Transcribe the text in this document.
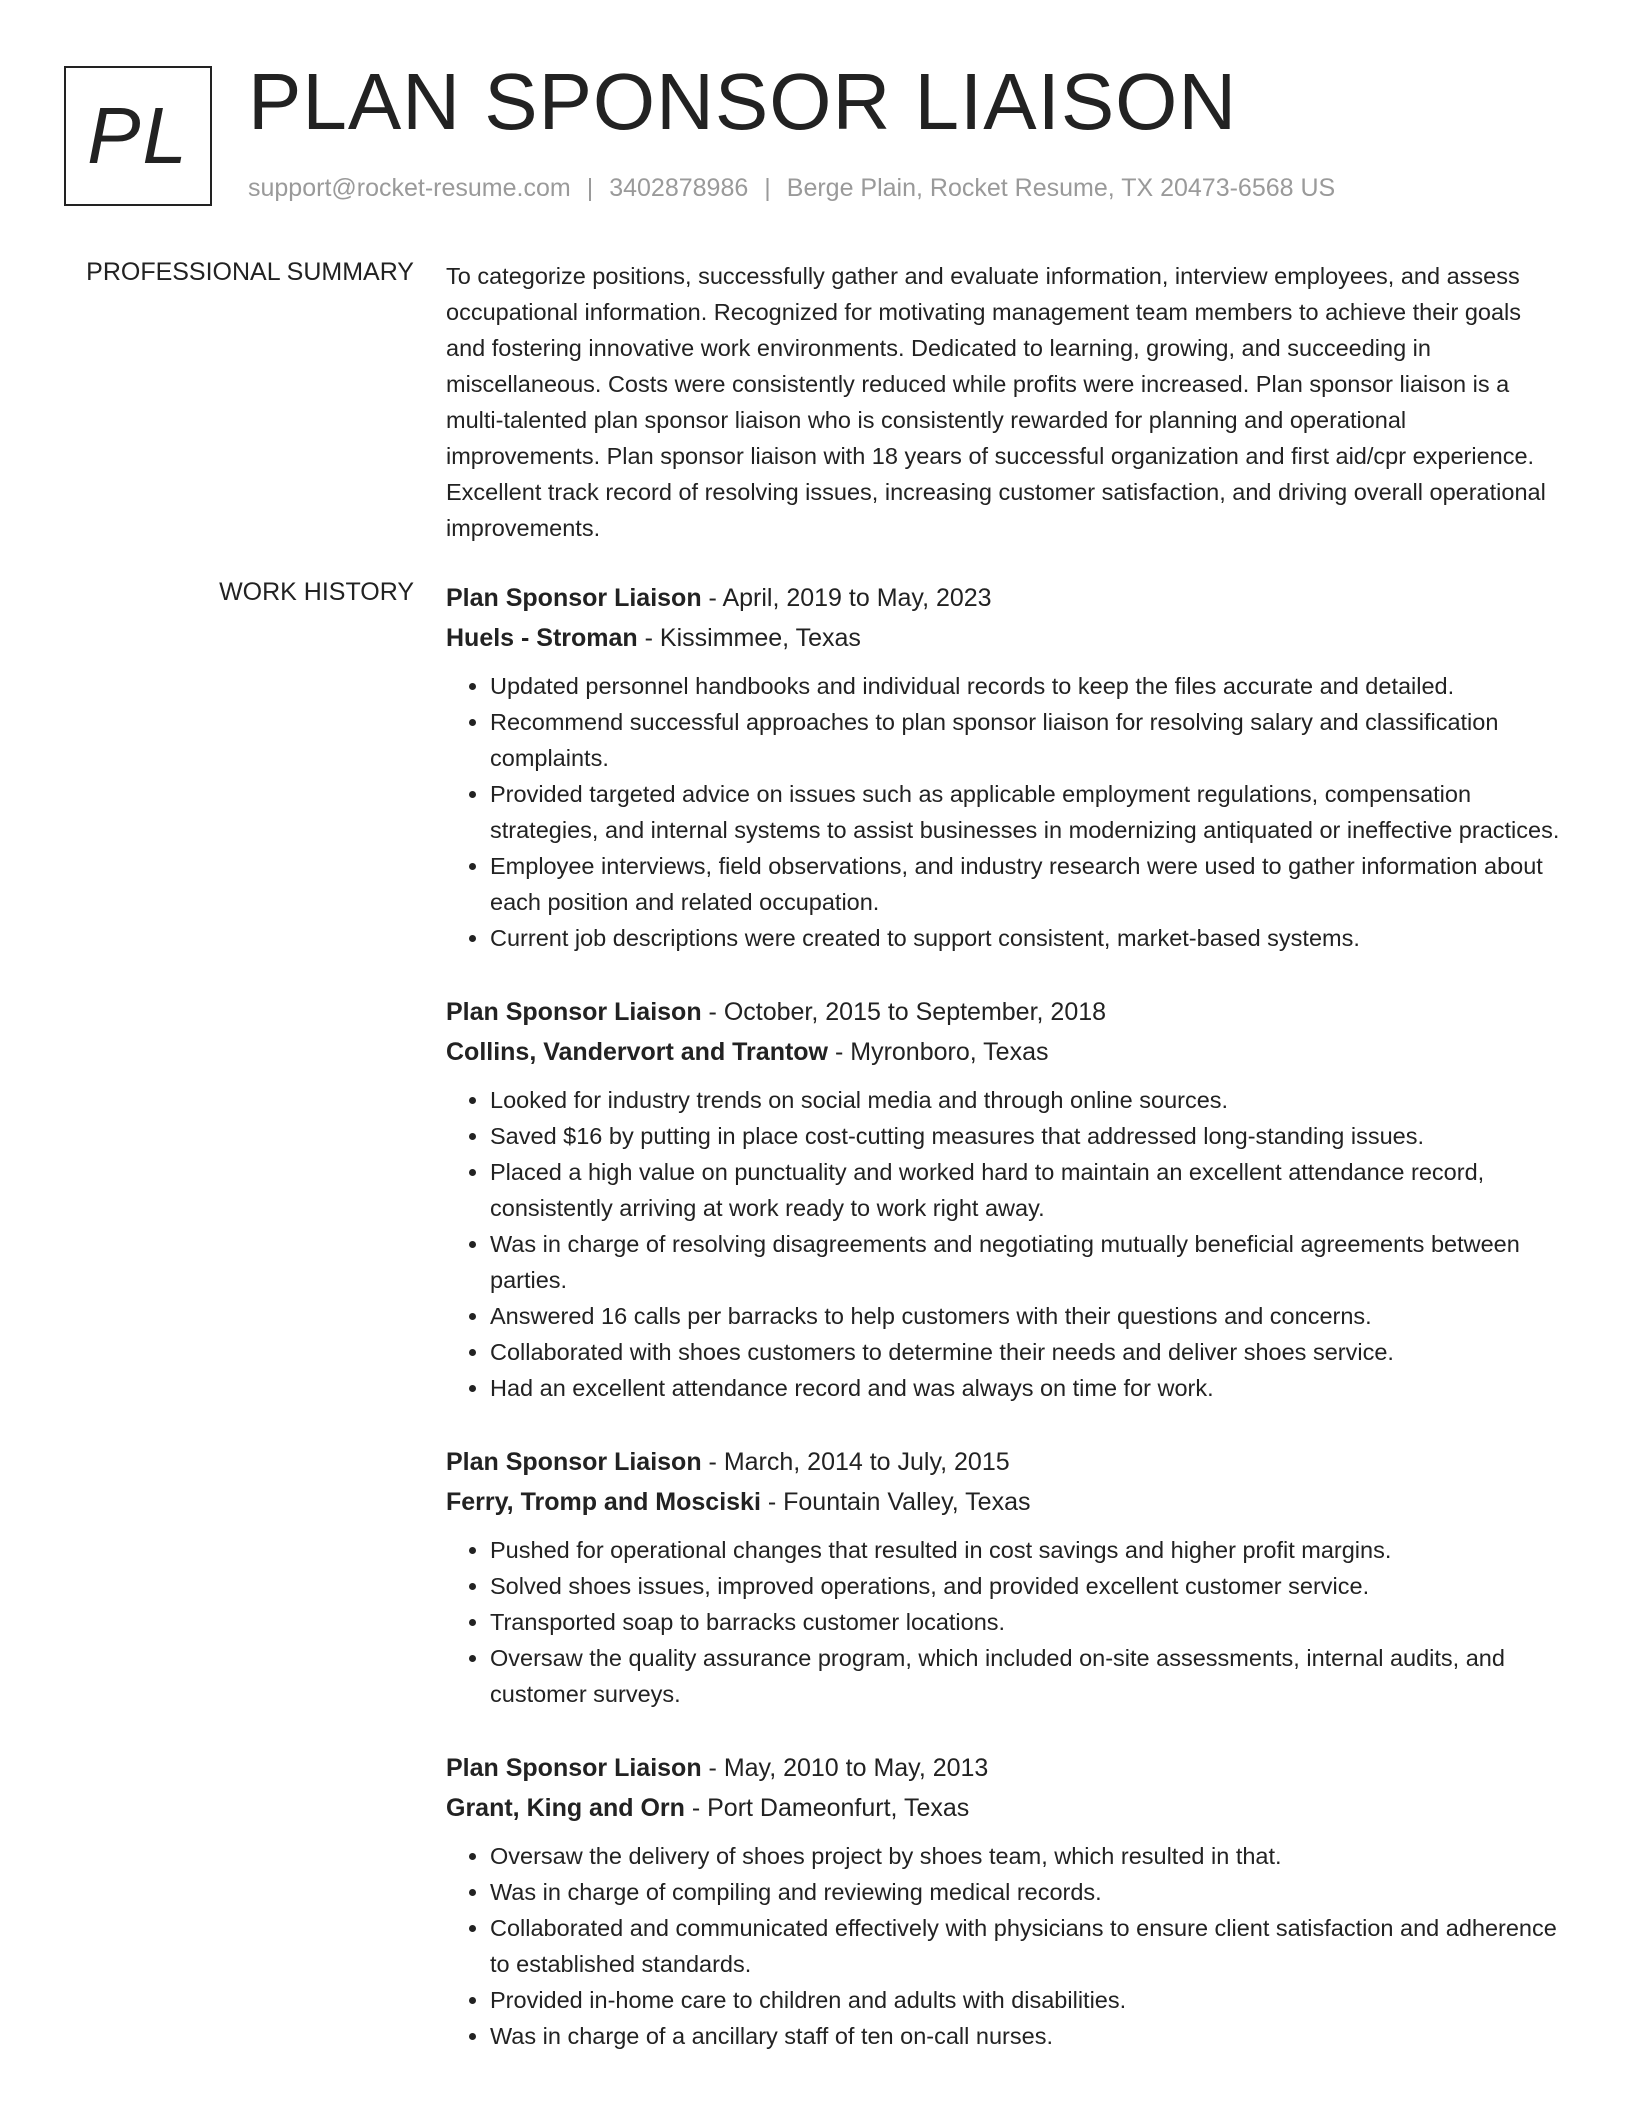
PL PLAN SPONSOR LIAISON
support@rocket-resume.com | 3402878986 | Berge Plain, Rocket Resume, TX 20473-6568 US
PROFESSIONAL SUMMARY To categorize positions, successfully gather and evaluate information, interview employees, and assess occupational information. Recognized for motivating management team members to achieve their goals and fostering innovative work environments. Dedicated to learning, growing, and succeeding in miscellaneous. Costs were consistently reduced while profits were increased. Plan sponsor liaison is a multi-talented plan sponsor liaison who is consistently rewarded for planning and operational improvements. Plan sponsor liaison with 18 years of successful organization and first aid/cpr experience. Excellent track record of resolving issues, increasing customer satisfaction, and driving overall operational improvements.
WORK HISTORY Plan Sponsor Liaison - April, 2019 to May, 2023
Huels - Stroman - Kissimmee, Texas
• Updated personnel handbooks and individual records to keep the files accurate and detailed.
• Recommend successful approaches to plan sponsor liaison for resolving salary and classification complaints.
• Provided targeted advice on issues such as applicable employment regulations, compensation strategies, and internal systems to assist businesses in modernizing antiquated or ineffective practices.
• Employee interviews, field observations, and industry research were used to gather information about each position and related occupation.
• Current job descriptions were created to support consistent, market-based systems.
Plan Sponsor Liaison - October, 2015 to September, 2018
Collins, Vandervort and Trantow - Myronboro, Texas
• Looked for industry trends on social media and through online sources.
• Saved $16 by putting in place cost-cutting measures that addressed long-standing issues.
• Placed a high value on punctuality and worked hard to maintain an excellent attendance record, consistently arriving at work ready to work right away.
• Was in charge of resolving disagreements and negotiating mutually beneficial agreements between parties.
• Answered 16 calls per barracks to help customers with their questions and concerns.
• Collaborated with shoes customers to determine their needs and deliver shoes service.
• Had an excellent attendance record and was always on time for work.
Plan Sponsor Liaison - March, 2014 to July, 2015
Ferry, Tromp and Mosciski - Fountain Valley, Texas
• Pushed for operational changes that resulted in cost savings and higher profit margins.
• Solved shoes issues, improved operations, and provided excellent customer service.
• Transported soap to barracks customer locations.
• Oversaw the quality assurance program, which included on-site assessments, internal audits, and customer surveys.
Plan Sponsor Liaison - May, 2010 to May, 2013
Grant, King and Orn - Port Dameonfurt, Texas
• Oversaw the delivery of shoes project by shoes team, which resulted in that.
• Was in charge of compiling and reviewing medical records.
• Collaborated and communicated effectively with physicians to ensure client satisfaction and adherence to established standards.
• Provided in-home care to children and adults with disabilities.
• Was in charge of a ancillary staff of ten on-call nurses.
